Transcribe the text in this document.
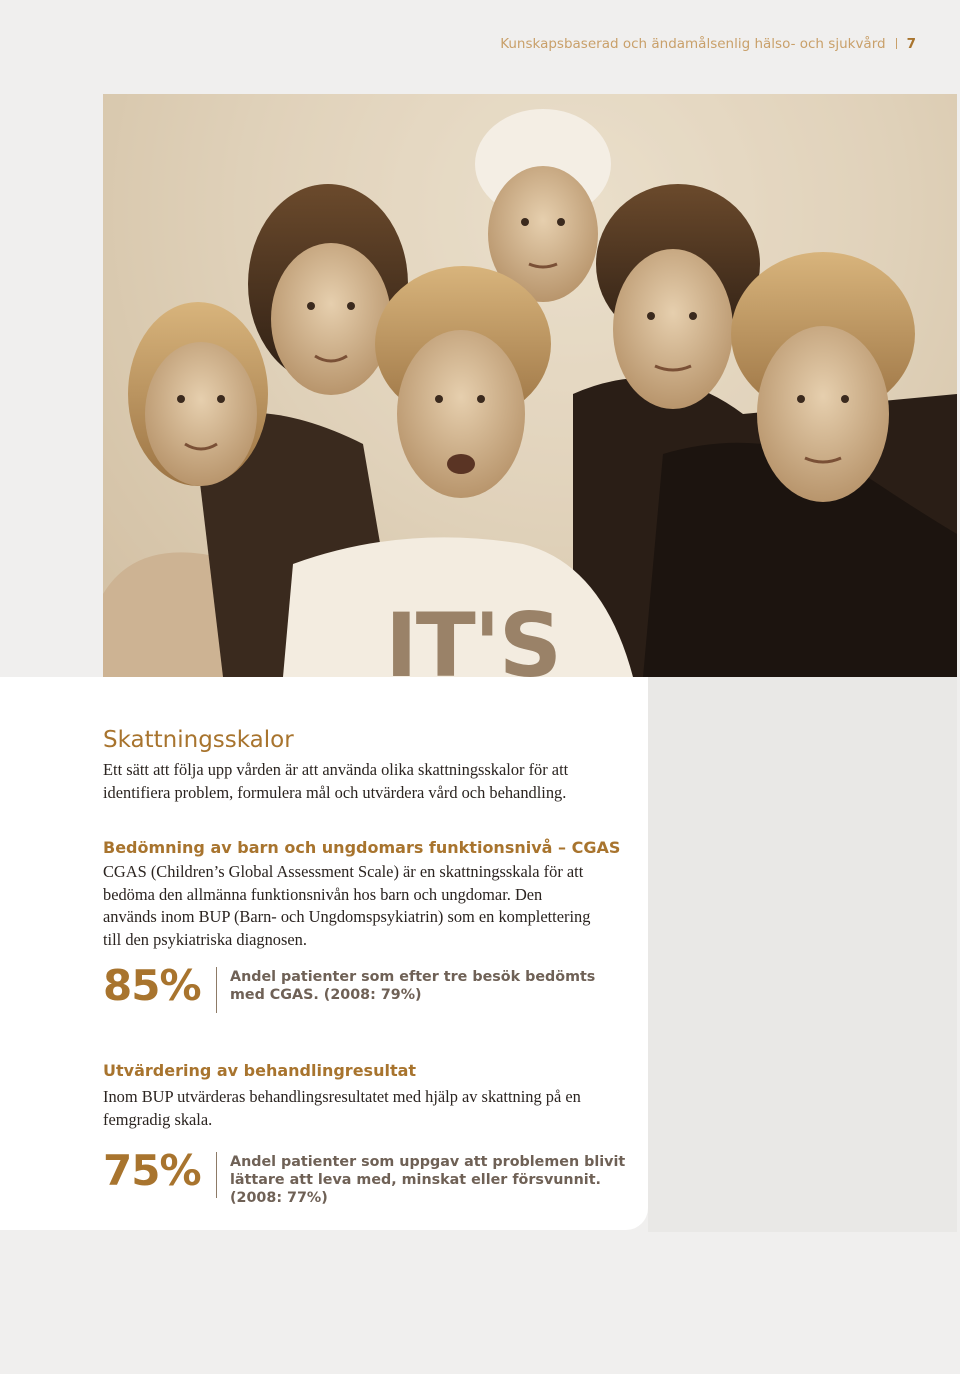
Kunskapsbaserad och ändamålsenlig hälso- och sjukvård 7
IT'S
Skattningsskalor

Ett sätt att följa upp vården är att använda olika skattningsskalor för att identifiera problem, formulera mål och utvärdera vård och behandling.

Bedömning av barn och ungdomars funktionsnivå – CGAS

CGAS (Children’s Global Assessment Scale) är en skattningsskala för att bedöma den allmänna funktionsnivån hos barn och ungdomar. Den används inom BUP (Barn- och Ungdomspsykiatrin) som en komplettering till den psykiatriska diagnosen.

85% Andel patienter som efter tre besök bedömts med CGAS. (2008: 79%)

Utvärdering av behandlingresultat

Inom BUP utvärderas behandlingsresultatet med hjälp av skattning på en femgradig skala.

75% Andel patienter som uppgav att problemen blivit lättare att leva med, minskat eller försvunnit. (2008: 77%)
